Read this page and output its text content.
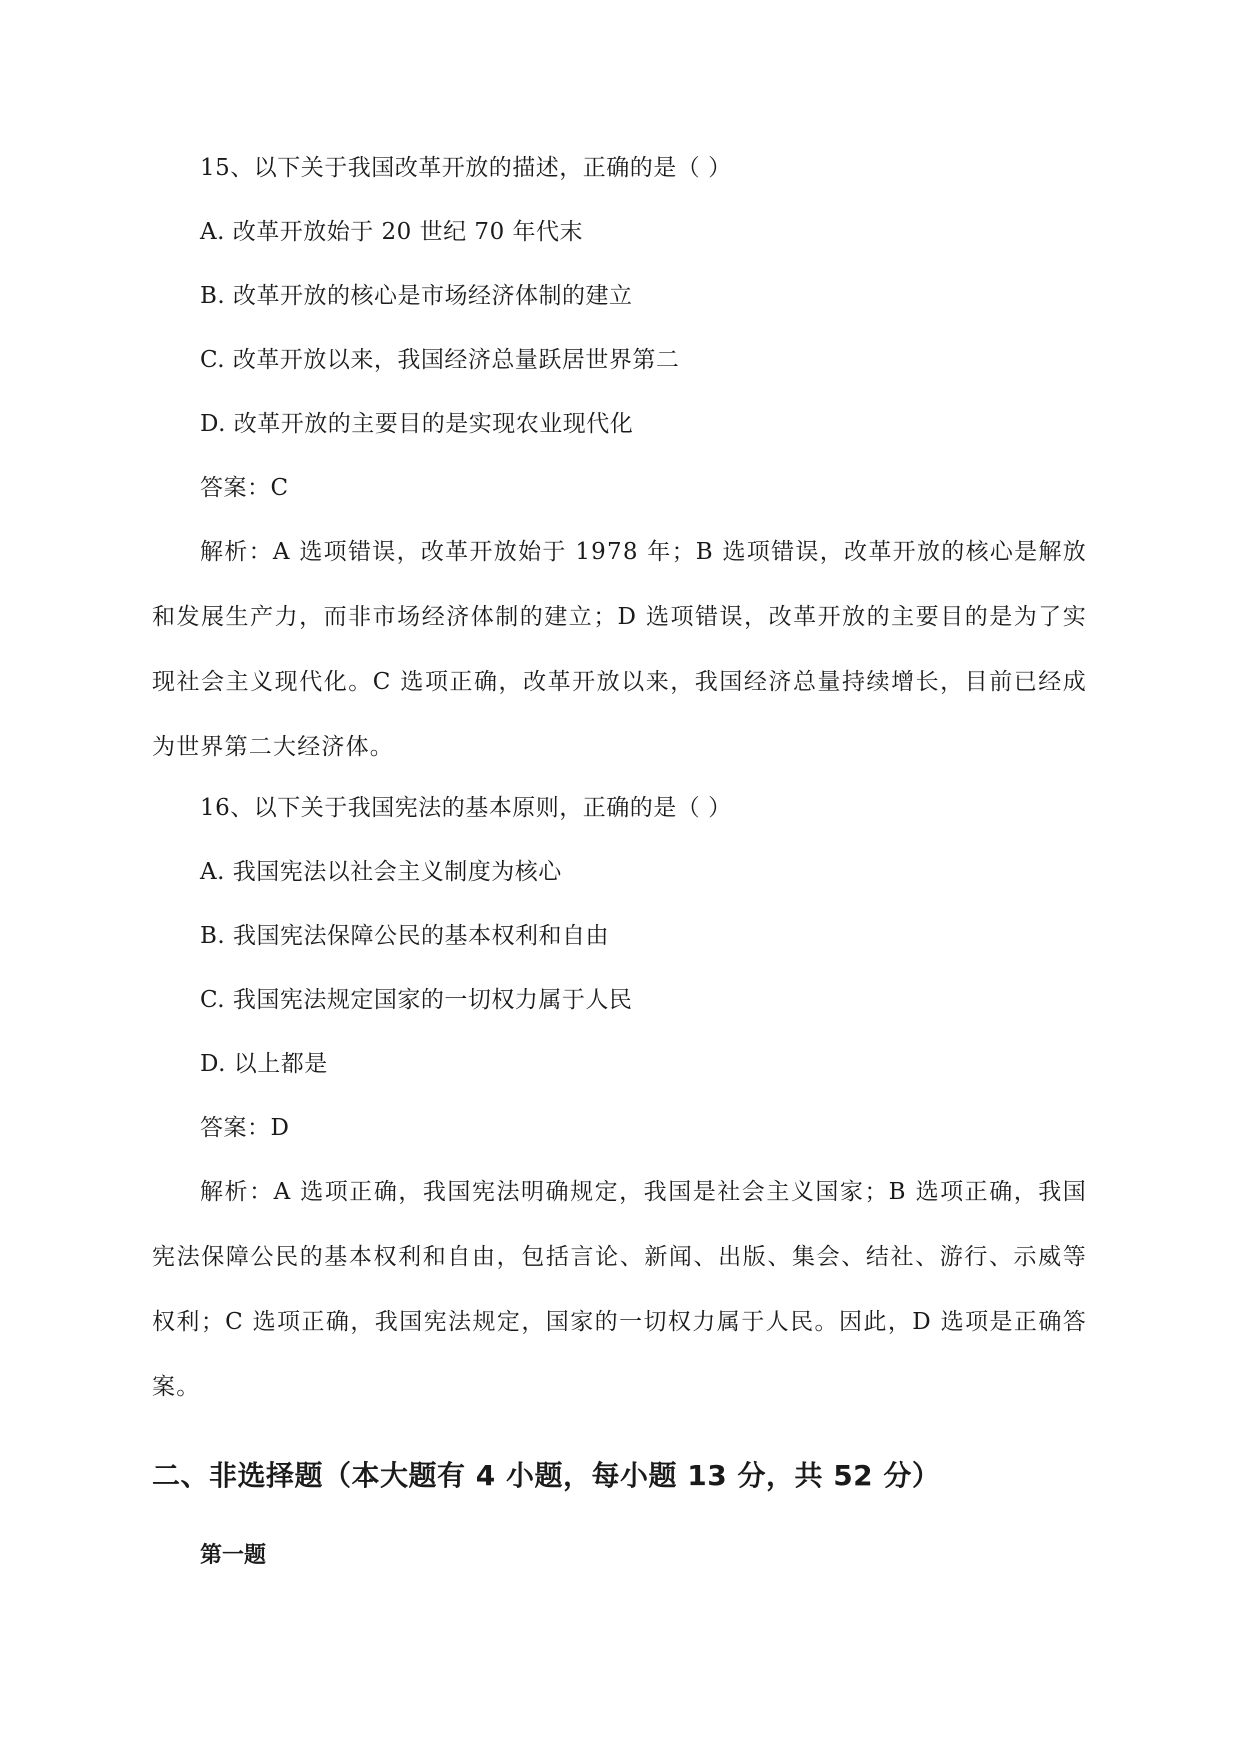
15、以下关于我国改革开放的描述，正确的是（ ）
A. 改革开放始于 20 世纪 70 年代末
B. 改革开放的核心是市场经济体制的建立
C. 改革开放以来，我国经济总量跃居世界第二
D. 改革开放的主要目的是实现农业现代化
答案：C
解析：A 选项错误，改革开放始于 1978 年；B 选项错误，改革开放的核心是解放和发展生产力，而非市场经济体制的建立；D 选项错误，改革开放的主要目的是为了实现社会主义现代化。C 选项正确，改革开放以来，我国经济总量持续增长，目前已经成为世界第二大经济体。
16、以下关于我国宪法的基本原则，正确的是（ ）
A. 我国宪法以社会主义制度为核心
B. 我国宪法保障公民的基本权利和自由
C. 我国宪法规定国家的一切权力属于人民
D. 以上都是
答案：D
解析：A 选项正确，我国宪法明确规定，我国是社会主义国家；B 选项正确，我国宪法保障公民的基本权利和自由，包括言论、新闻、出版、集会、结社、游行、示威等权利；C 选项正确，我国宪法规定，国家的一切权力属于人民。因此，D 选项是正确答案。
二、非选择题（本大题有 4 小题，每小题 13 分，共 52 分）
第一题
